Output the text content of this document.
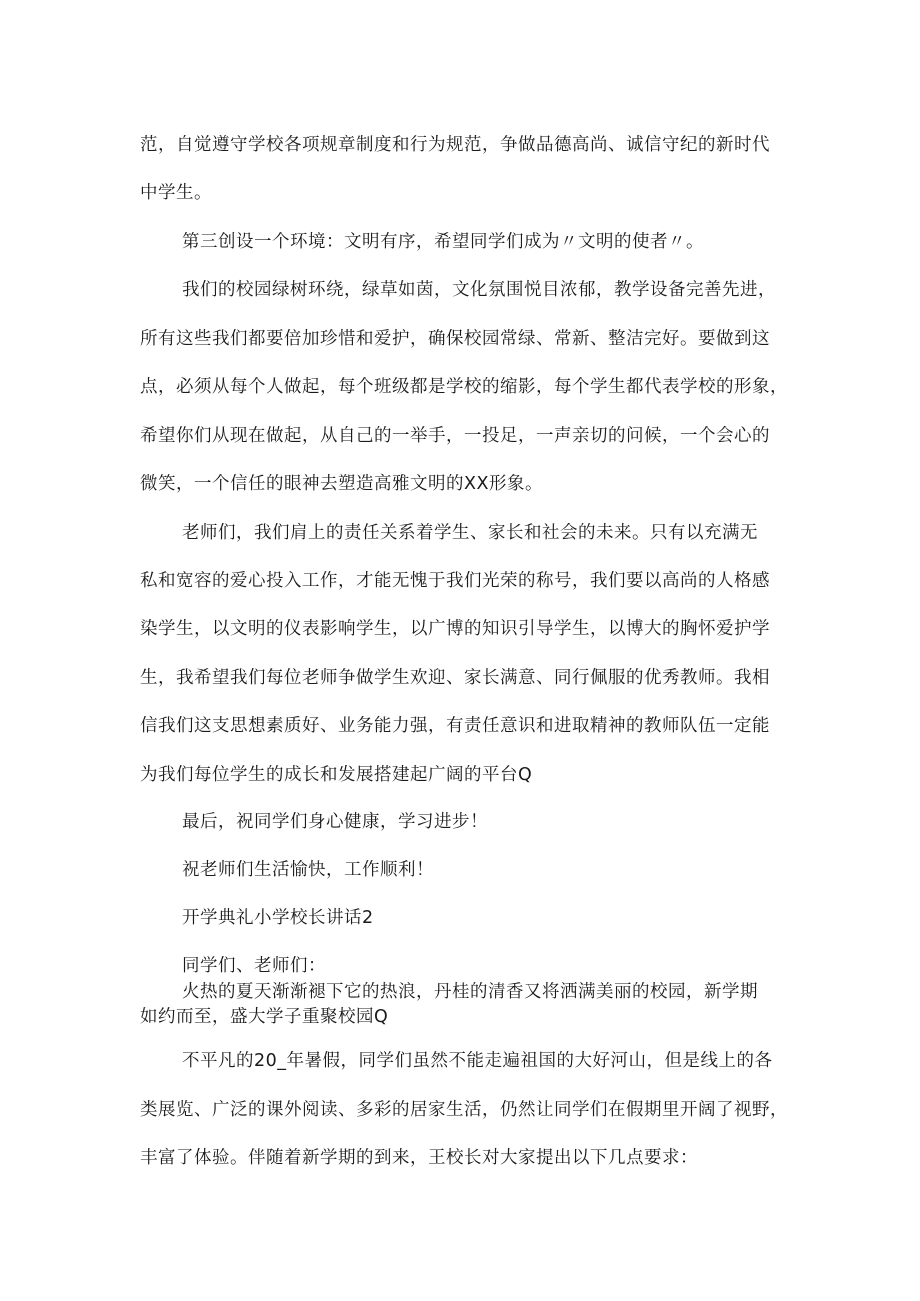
范，自觉遵守学校各项规章制度和行为规范，争做品德高尚、诚信守纪的新时代
中学生。
第三创设一个环境：文明有序，希望同学们成为〃文明的使者〃。
我们的校园绿树环绕，绿草如茵，文化氛围悦目浓郁，教学设备完善先进，
所有这些我们都要倍加珍惜和爱护，确保校园常绿、常新、整洁完好。要做到这
点，必须从每个人做起，每个班级都是学校的缩影，每个学生都代表学校的形象，
希望你们从现在做起，从自己的一举手，一投足，一声亲切的问候，一个会心的
微笑，一个信任的眼神去塑造高雅文明的XX形象。
老师们，我们肩上的责任关系着学生、家长和社会的未来。只有以充满无
私和宽容的爱心投入工作，才能无愧于我们光荣的称号，我们要以高尚的人格感
染学生，以文明的仪表影响学生，以广博的知识引导学生，以博大的胸怀爱护学
生，我希望我们每位老师争做学生欢迎、家长满意、同行佩服的优秀教师。我相
信我们这支思想素质好、业务能力强，有责任意识和进取精神的教师队伍一定能
为我们每位学生的成长和发展搭建起广阔的平台Q
最后，祝同学们身心健康，学习进步！
祝老师们生活愉快，工作顺利！
开学典礼小学校长讲话2
同学们、老师们：
火热的夏天渐渐褪下它的热浪，丹桂的清香又将洒满美丽的校园，新学期
如约而至，盛大学子重聚校园Q
不平凡的20_年暑假，同学们虽然不能走遍祖国的大好河山，但是线上的各
类展览、广泛的课外阅读、多彩的居家生活，仍然让同学们在假期里开阔了视野，
丰富了体验。伴随着新学期的到来，王校长对大家提出以下几点要求：
